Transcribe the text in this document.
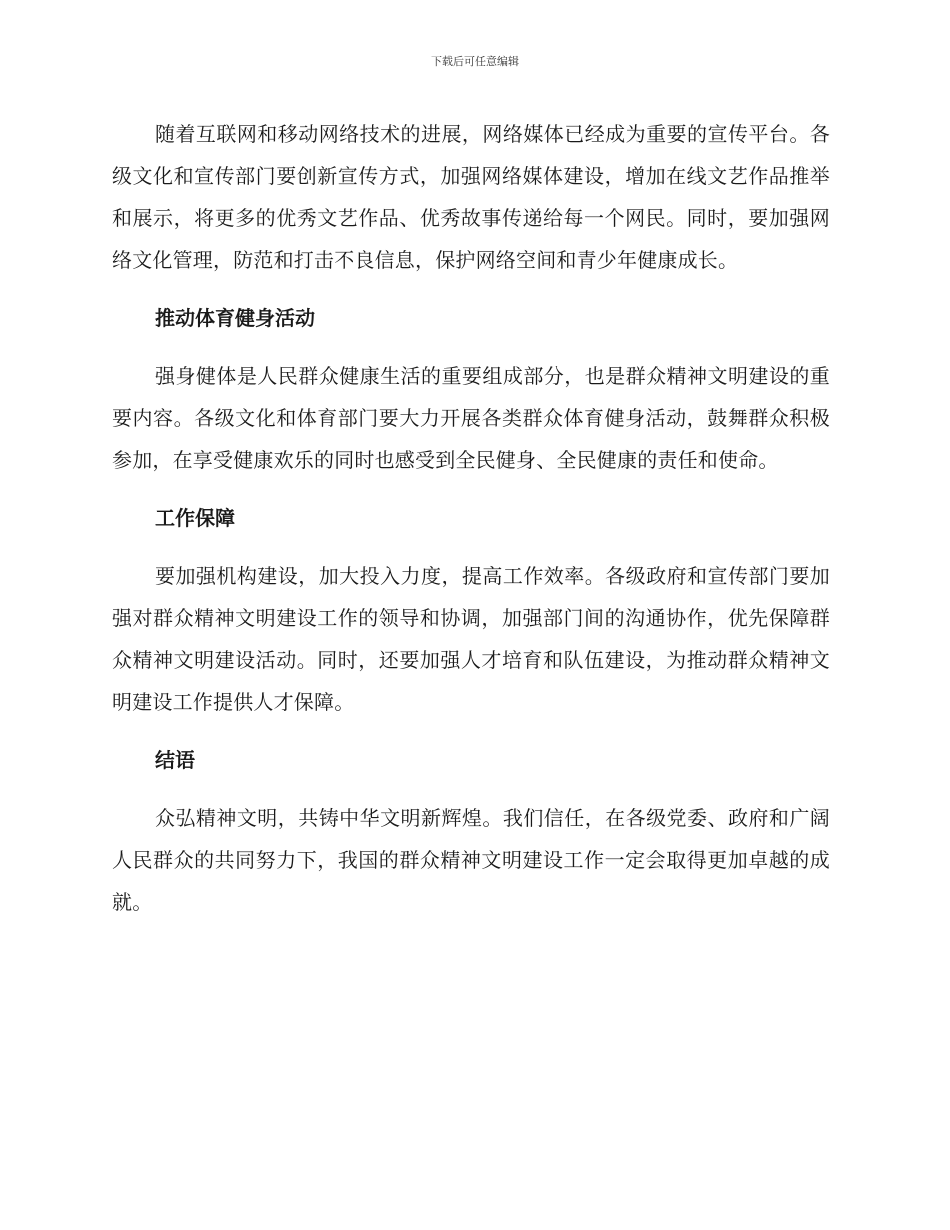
下载后可任意编辑

随着互联网和移动网络技术的进展，网络媒体已经成为重要的宣传平台。各级文化和宣传部门要创新宣传方式，加强网络媒体建设，增加在线文艺作品推举和展示，将更多的优秀文艺作品、优秀故事传递给每一个网民。同时，要加强网络文化管理，防范和打击不良信息，保护网络空间和青少年健康成长。

推动体育健身活动

强身健体是人民群众健康生活的重要组成部分，也是群众精神文明建设的重要内容。各级文化和体育部门要大力开展各类群众体育健身活动，鼓舞群众积极参加，在享受健康欢乐的同时也感受到全民健身、全民健康的责任和使命。

工作保障

要加强机构建设，加大投入力度，提高工作效率。各级政府和宣传部门要加强对群众精神文明建设工作的领导和协调，加强部门间的沟通协作，优先保障群众精神文明建设活动。同时，还要加强人才培育和队伍建设，为推动群众精神文明建设工作提供人才保障。

结语

众弘精神文明，共铸中华文明新辉煌。我们信任，在各级党委、政府和广阔人民群众的共同努力下，我国的群众精神文明建设工作一定会取得更加卓越的成就。
